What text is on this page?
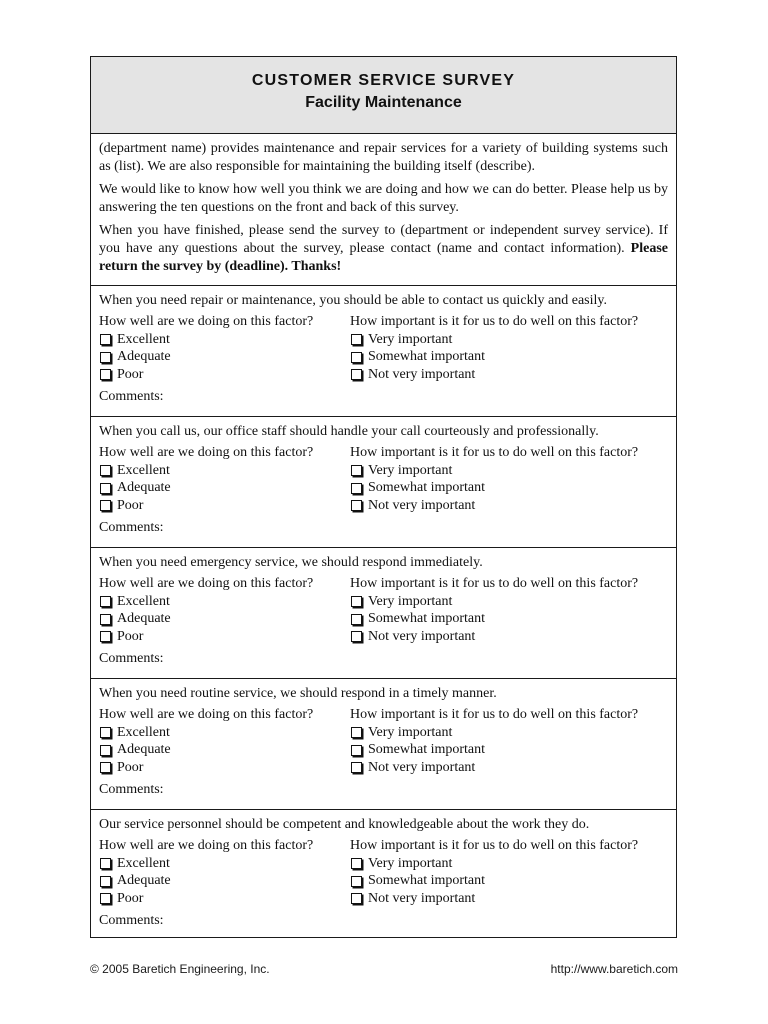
CUSTOMER SERVICE SURVEY
Facility Maintenance

(department name) provides maintenance and repair services for a variety of building systems such as (list). We are also responsible for maintaining the building itself (describe).

We would like to know how well you think we are doing and how we can do better. Please help us by answering the ten questions on the front and back of this survey.

When you have finished, please send the survey to (department or independent survey service). If you have any questions about the survey, please contact (name and contact information). Please return the survey by (deadline). Thanks!

When you need repair or maintenance, you should be able to contact us quickly and easily.
How well are we doing on this factor?
Excellent
Adequate
Poor
How important is it for us to do well on this factor?
Very important
Somewhat important
Not very important
Comments:
When you call us, our office staff should handle your call courteously and professionally.
How well are we doing on this factor?
Excellent
Adequate
Poor
How important is it for us to do well on this factor?
Very important
Somewhat important
Not very important
Comments:
When you need emergency service, we should respond immediately.
How well are we doing on this factor?
Excellent
Adequate
Poor
How important is it for us to do well on this factor?
Very important
Somewhat important
Not very important
Comments:
When you need routine service, we should respond in a timely manner.
How well are we doing on this factor?
Excellent
Adequate
Poor
How important is it for us to do well on this factor?
Very important
Somewhat important
Not very important
Comments:
Our service personnel should be competent and knowledgeable about the work they do.
How well are we doing on this factor?
Excellent
Adequate
Poor
How important is it for us to do well on this factor?
Very important
Somewhat important
Not very important
Comments:
© 2005 Baretich Engineering, Inc.	http://www.baretich.com
